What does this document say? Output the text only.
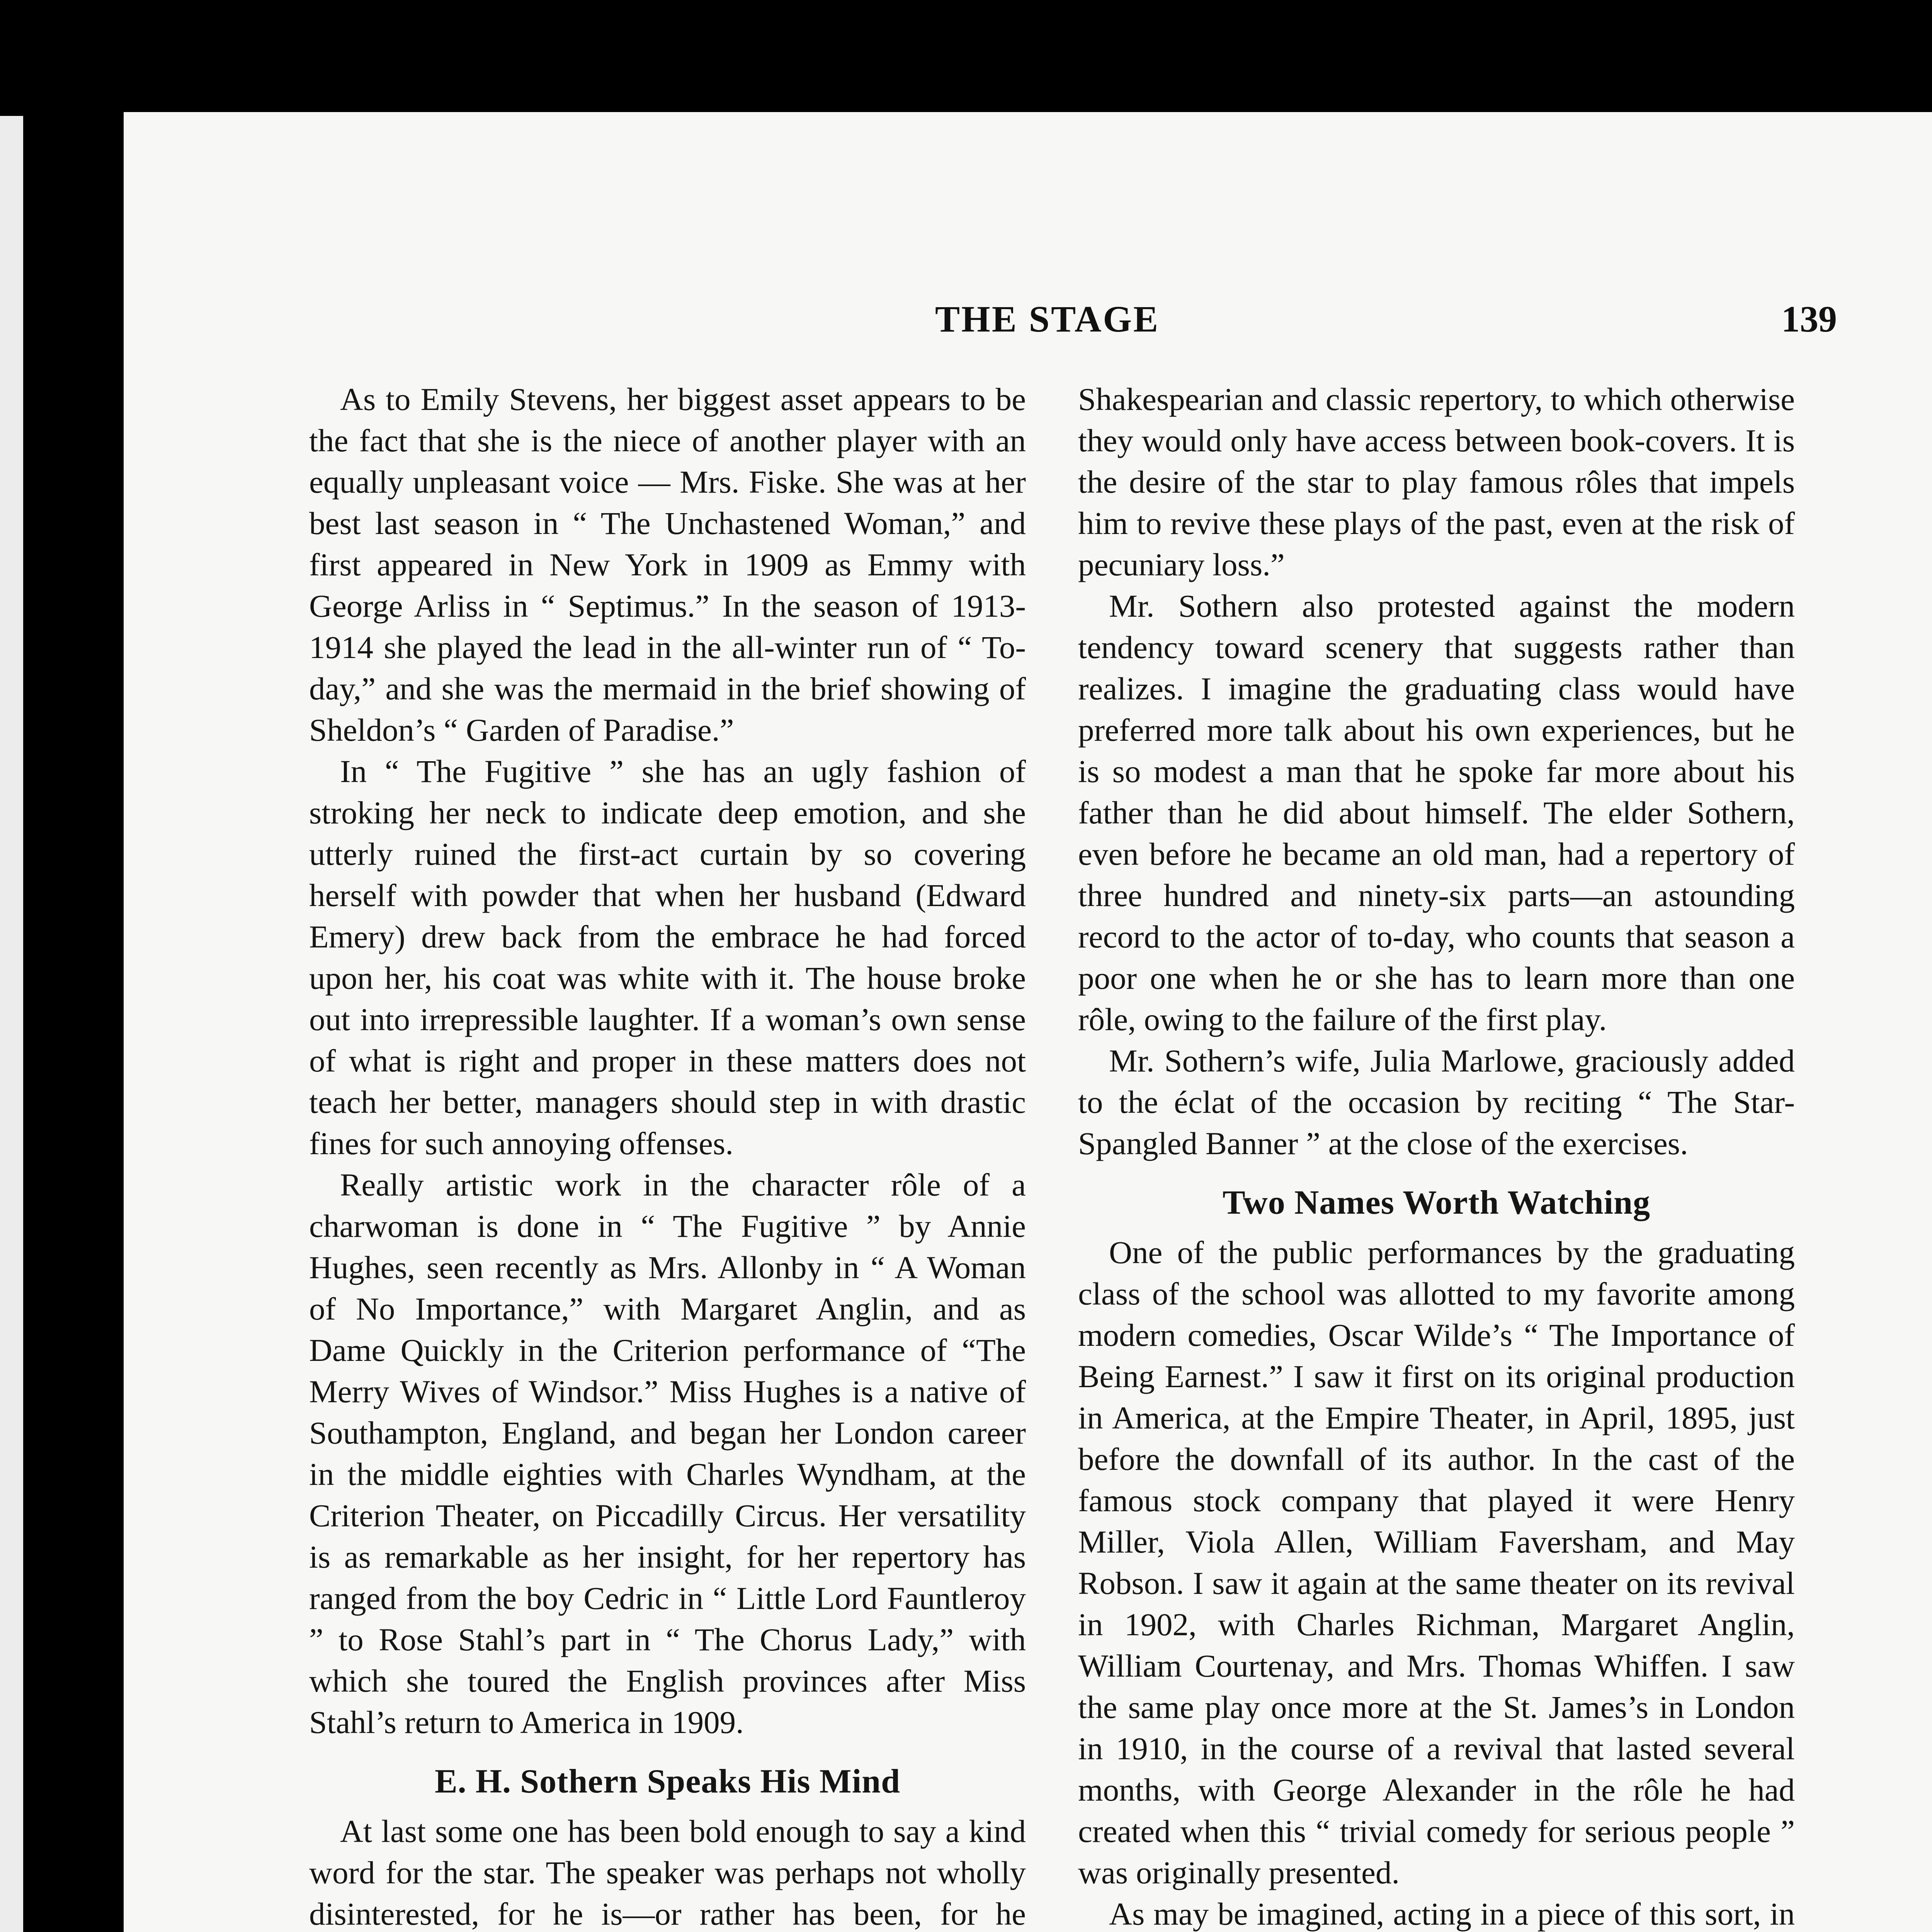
THE STAGE	139

As to Emily Stevens, her biggest asset appears to be the fact that she is the niece of another player with an equally unpleasant voice — Mrs. Fiske. She was at her best last season in “ The Unchastened Woman,” and first appeared in New York in 1909 as Emmy with George Arliss in “ Septimus.” In the season of 1913-1914 she played the lead in the all-winter run of “ To-day,” and she was the mermaid in the brief showing of Sheldon’s “ Garden of Paradise.”

In “ The Fugitive ” she has an ugly fashion of stroking her neck to indicate deep emotion, and she utterly ruined the first-act curtain by so covering herself with powder that when her husband (Edward Emery) drew back from the embrace he had forced upon her, his coat was white with it. The house broke out into irrepressible laughter. If a woman’s own sense of what is right and proper in these matters does not teach her better, managers should step in with drastic fines for such annoying offenses.

Really artistic work in the character rôle of a charwoman is done in “ The Fugitive ” by Annie Hughes, seen recently as Mrs. Allonby in “ A Woman of No Importance,” with Margaret Anglin, and as Dame Quickly in the Criterion performance of “The Merry Wives of Windsor.” Miss Hughes is a native of Southampton, England, and began her London career in the middle eighties with Charles Wyndham, at the Criterion Theater, on Piccadilly Circus. Her versatility is as remarkable as her insight, for her repertory has ranged from the boy Cedric in “ Little Lord Fauntleroy ” to Rose Stahl’s part in “ The Chorus Lady,” with which she toured the English provinces after Miss Stahl’s return to America in 1909.

E. H. Sothern Speaks His Mind

At last some one has been bold enough to say a kind word for the star. The speaker was perhaps not wholly disinterested, for he is—or rather has been, for he

Shakespearian and classic repertory, to which otherwise they would only have access between book-covers. It is the desire of the star to play famous rôles that impels him to revive these plays of the past, even at the risk of pecuniary loss.”

Mr. Sothern also protested against the modern tendency toward scenery that suggests rather than realizes. I imagine the graduating class would have preferred more talk about his own experiences, but he is so modest a man that he spoke far more about his father than he did about himself. The elder Sothern, even before he became an old man, had a repertory of three hundred and ninety-six parts—an astounding record to the actor of to-day, who counts that season a poor one when he or she has to learn more than one rôle, owing to the failure of the first play.

Mr. Sothern’s wife, Julia Marlowe, graciously added to the éclat of the occasion by reciting “ The Star-Spangled Banner ” at the close of the exercises.

Two Names Worth Watching

One of the public performances by the graduating class of the school was allotted to my favorite among modern comedies, Oscar Wilde’s “ The Importance of Being Earnest.” I saw it first on its original production in America, at the Empire Theater, in April, 1895, just before the downfall of its author. In the cast of the famous stock company that played it were Henry Miller, Viola Allen, William Faversham, and May Robson. I saw it again at the same theater on its revival in 1902, with Charles Richman, Margaret Anglin, William Courtenay, and Mrs. Thomas Whiffen. I saw the same play once more at the St. James’s in London in 1910, in the course of a revival that lasted several months, with George Alexander in the rôle he had created when this “ trivial comedy for serious people ” was originally presented.

As may be imagined, acting in a piece of this sort, in
